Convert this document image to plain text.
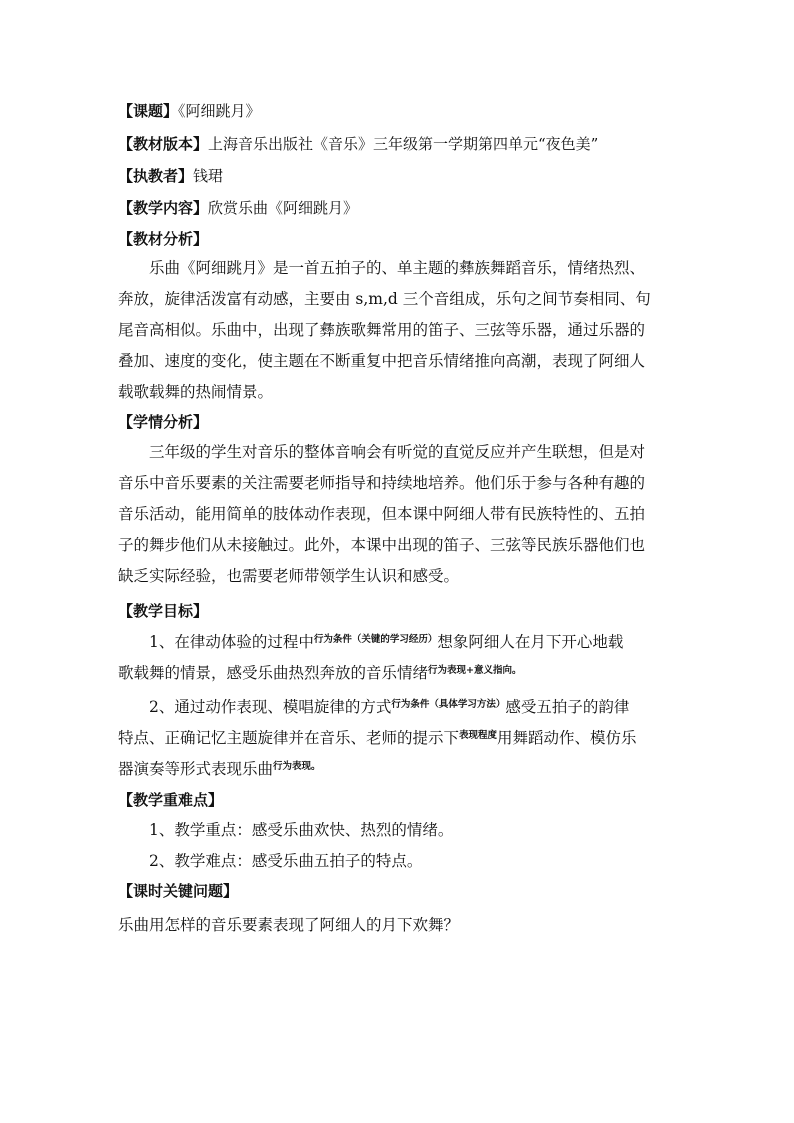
【课题】《阿细跳月》
【教材版本】上海音乐出版社《音乐》三年级第一学期第四单元“夜色美”
【执教者】钱珺
【教学内容】欣赏乐曲《阿细跳月》
【教材分析】
乐曲《阿细跳月》是一首五拍子的、单主题的彝族舞蹈音乐，情绪热烈、
奔放，旋律活泼富有动感，主要由 s,m,d 三个音组成，乐句之间节奏相同、句
尾音高相似。乐曲中，出现了彝族歌舞常用的笛子、三弦等乐器，通过乐器的
叠加、速度的变化，使主题在不断重复中把音乐情绪推向高潮，表现了阿细人
载歌载舞的热闹情景。
【学情分析】
三年级的学生对音乐的整体音响会有听觉的直觉反应并产生联想，但是对
音乐中音乐要素的关注需要老师指导和持续地培养。他们乐于参与各种有趣的
音乐活动，能用简单的肢体动作表现，但本课中阿细人带有民族特性的、五拍
子的舞步他们从未接触过。此外，本课中出现的笛子、三弦等民族乐器他们也
缺乏实际经验，也需要老师带领学生认识和感受。
【教学目标】
1、在律动体验的过程中$^{行为条件(关键的学习经历)}$想象阿细人在月下开心地载
歌载舞的情景，感受乐曲热烈奔放的音乐情绪$^{行为表现+意义指向。}$
2、通过动作表现、模唱旋律的方式$^{行为条件(具体学习方法)}$感受五拍子的韵律
特点、正确记忆主题旋律并在音乐、老师的提示下$^{表现程度}$用舞蹈动作、模仿乐
器演奏等形式表现乐曲$^{行为表现。}$
【教学重难点】
1、教学重点：感受乐曲欢快、热烈的情绪。
2、教学难点：感受乐曲五拍子的特点。
【课时关键问题】
乐曲用怎样的音乐要素表现了阿细人的月下欢舞？
